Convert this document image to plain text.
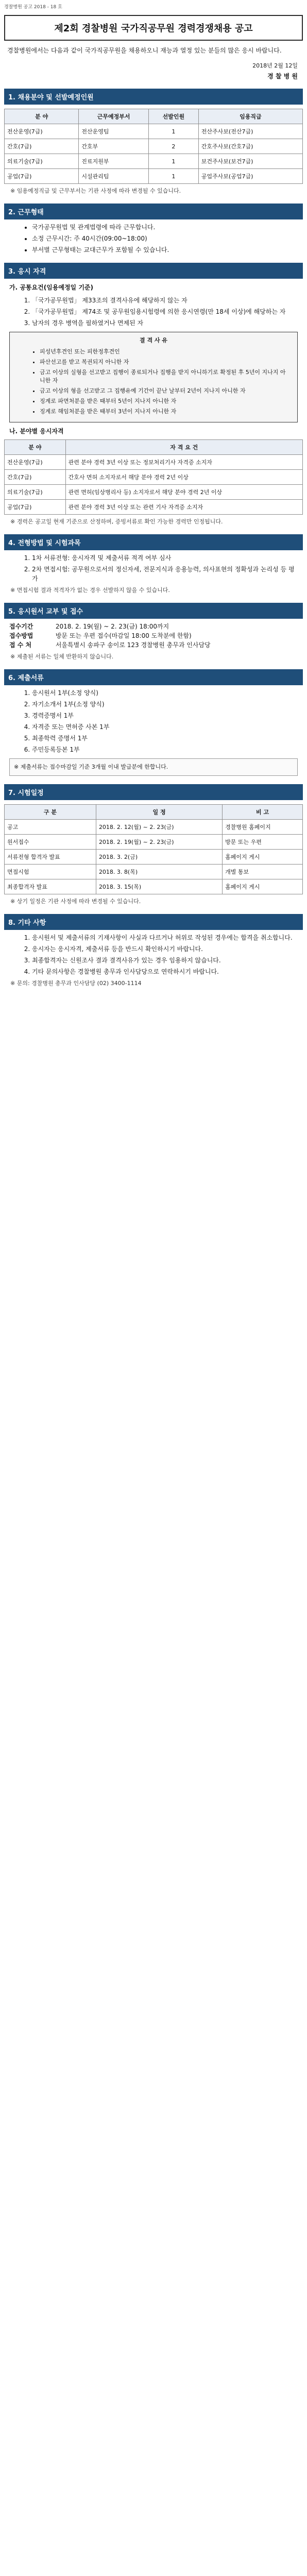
경찰병원 공고 2018 - 18 호
제2회 경찰병원 국가직공무원 경력경쟁채용 공고
경찰병원에서는 다음과 같이 국가직공무원을 채용하오니 재능과 열정 있는 분들의 많은 응시 바랍니다.
2018년 2월 12일
경 찰 병 원
1. 채용분야 및 선발예정인원
분 야	근무예정부서	선발인원	임용직급
전산운영(7급)	전산운영팀	1	전산주사보(전산7급)
간호(7급)	간호부	2	간호주사보(간호7급)
의료기술(7급)	진료지원부	1	보건주사보(보건7급)
공업(7급)	시설관리팀	1	공업주사보(공업7급)
※ 임용예정직급 및 근무부서는 기관 사정에 따라 변경될 수 있습니다.
2. 근무형태
• 국가공무원법 및 관계법령에 따라 근무합니다.
• 소정 근무시간: 주 40시간(09:00~18:00)
• 부서별 근무형태는 교대근무가 포함될 수 있습니다.
3. 응시 자격
가. 공통요건(임용예정일 기준)
1. 「국가공무원법」 제33조의 결격사유에 해당하지 않는 자
2. 「국가공무원법」 제74조 및 공무원임용시험령에 의한 응시연령(만 18세 이상)에 해당하는 자
3. 남자의 경우 병역을 필하였거나 면제된 자
결 격 사 유
• 피성년후견인 또는 피한정후견인
• 파산선고를 받고 복권되지 아니한 자
• 금고 이상의 실형을 선고받고 집행이 종료되거나 집행을 받지 아니하기로 확정된 후 5년이 지나지 아니한 자
• 금고 이상의 형을 선고받고 그 집행유예 기간이 끝난 날부터 2년이 지나지 아니한 자
• 징계로 파면처분을 받은 때부터 5년이 지나지 아니한 자
• 징계로 해임처분을 받은 때부터 3년이 지나지 아니한 자
나. 분야별 응시자격
분 야	자 격 요 건
전산운영(7급)	관련 분야 경력 3년 이상 또는 정보처리기사 자격증 소지자
간호(7급)	간호사 면허 소지자로서 해당 분야 경력 2년 이상
의료기술(7급)	관련 면허(임상병리사 등) 소지자로서 해당 분야 경력 2년 이상
공업(7급)	관련 분야 경력 3년 이상 또는 관련 기사 자격증 소지자
※ 경력은 공고일 현재 기준으로 산정하며, 증빙서류로 확인 가능한 경력만 인정됩니다.
4. 전형방법 및 시험과목
1. 1차 서류전형: 응시자격 및 제출서류 적격 여부 심사
2. 2차 면접시험: 공무원으로서의 정신자세, 전문지식과 응용능력, 의사표현의 정확성과 논리성 등 평가
※ 면접시험 결과 적격자가 없는 경우 선발하지 않을 수 있습니다.
5. 응시원서 교부 및 접수
접수기간	2018. 2. 19(월) ~ 2. 23(금) 18:00까지
접수방법	방문 또는 우편 접수(마감일 18:00 도착분에 한함)
접 수 처	서울특별시 송파구 송이로 123 경찰병원 총무과 인사담당
※ 제출된 서류는 일체 반환하지 않습니다.
6. 제출서류
1. 응시원서 1부(소정 양식)
2. 자기소개서 1부(소정 양식)
3. 경력증명서 1부
4. 자격증 또는 면허증 사본 1부
5. 최종학력 증명서 1부
6. 주민등록등본 1부
※ 제출서류는 접수마감일 기준 3개월 이내 발급분에 한합니다.
7. 시험일정
구 분	일 정	비 고
공고	2018. 2. 12(월) ~ 2. 23(금)	경찰병원 홈페이지
원서접수	2018. 2. 19(월) ~ 2. 23(금)	방문 또는 우편
서류전형 합격자 발표	2018. 3. 2(금)	홈페이지 게시
면접시험	2018. 3. 8(목)	개별 통보
최종합격자 발표	2018. 3. 15(목)	홈페이지 게시
※ 상기 일정은 기관 사정에 따라 변경될 수 있습니다.
8. 기타 사항
1. 응시원서 및 제출서류의 기재사항이 사실과 다르거나 허위로 작성된 경우에는 합격을 취소합니다.
2. 응시자는 응시자격, 제출서류 등을 반드시 확인하시기 바랍니다.
3. 최종합격자는 신원조사 결과 결격사유가 있는 경우 임용하지 않습니다.
4. 기타 문의사항은 경찰병원 총무과 인사담당으로 연락하시기 바랍니다.
※ 문의: 경찰병원 총무과 인사담당 (02) 3400-1114
